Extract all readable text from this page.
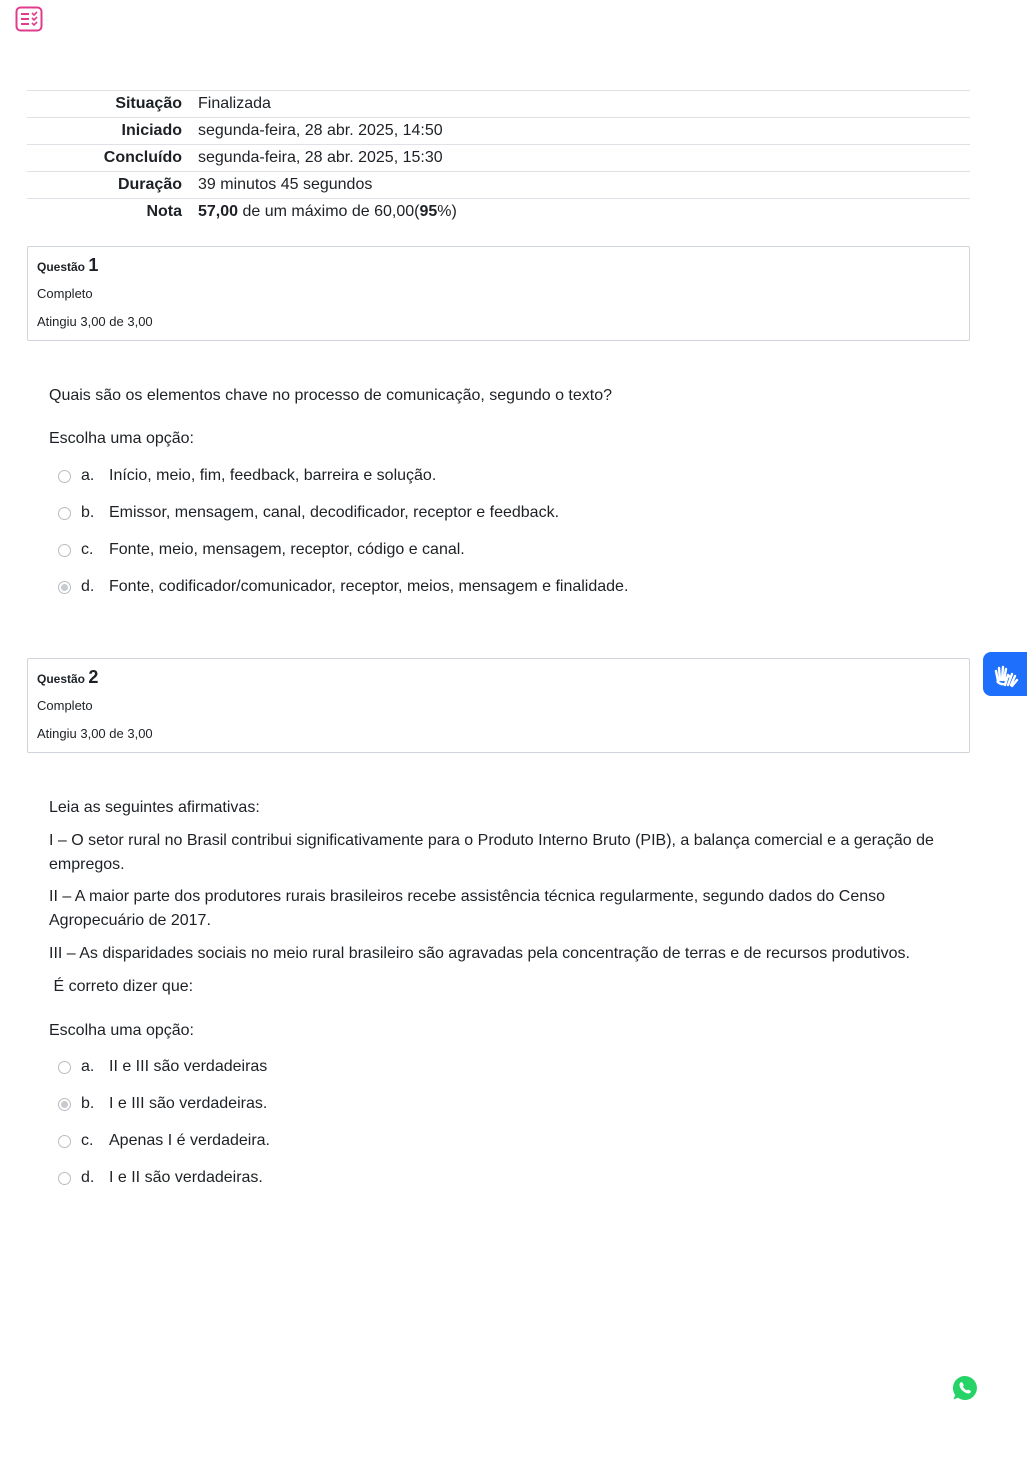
Situação	Finalizada
Iniciado	segunda-feira, 28 abr. 2025, 14:50
Concluído	segunda-feira, 28 abr. 2025, 15:30
Duração	39 minutos 45 segundos
Nota	57,00 de um máximo de 60,00(95%)
Questão 1
Completo
Atingiu 3,00 de 3,00
Quais são os elementos chave no processo de comunicação, segundo o texto?
Escolha uma opção:
a. Início, meio, fim, feedback, barreira e solução.
b. Emissor, mensagem, canal, decodificador, receptor e feedback.
c. Fonte, meio, mensagem, receptor, código e canal.
d. Fonte, codificador/comunicador, receptor, meios, mensagem e finalidade.
Questão 2
Completo
Atingiu 3,00 de 3,00
Leia as seguintes afirmativas:
I – O setor rural no Brasil contribui significativamente para o Produto Interno Bruto (PIB), a balança comercial e a geração de empregos.
II – A maior parte dos produtores rurais brasileiros recebe assistência técnica regularmente, segundo dados do Censo Agropecuário de 2017.
III – As disparidades sociais no meio rural brasileiro são agravadas pela concentração de terras e de recursos produtivos.
É correto dizer que:
Escolha uma opção:
a. II e III são verdadeiras
b. I e III são verdadeiras.
c. Apenas I é verdadeira.
d. I e II são verdadeiras.
